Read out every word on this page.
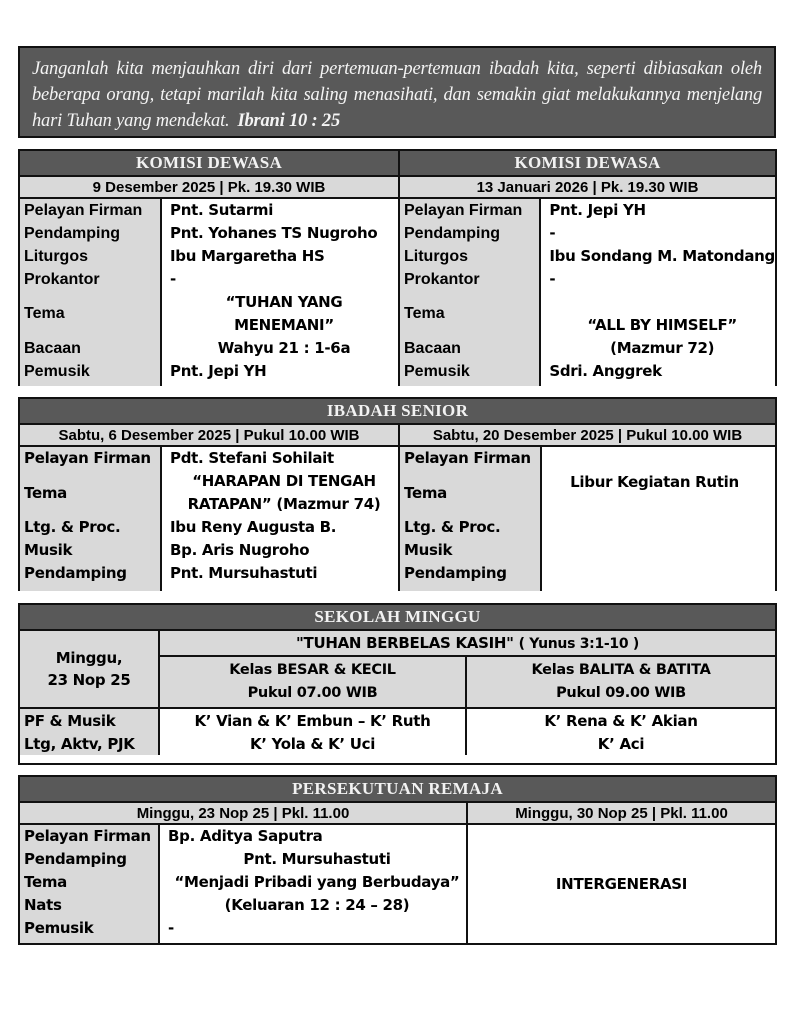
Janganlah kita menjauhkan diri dari pertemuan-pertemuan ibadah kita, seperti dibiasakan oleh beberapa orang, tetapi marilah kita saling menasihati, dan semakin giat melakukannya menjelang hari Tuhan yang mendekat. Ibrani 10 : 25
KOMISI DEWASA
9 Desember 2025 | Pk. 19.30 WIB
Pelayan Firman
Pendamping
Liturgos
Prokantor
Tema
Bacaan
Pemusik
Pnt. Sutarmi
Pnt. Yohanes TS Nugroho
Ibu Margaretha HS
-
“TUHAN YANG
MENEMANI”
Wahyu 21 : 1-6a
Pnt. Jepi YH
KOMISI DEWASA
13 Januari 2026 | Pk. 19.30 WIB
Pelayan Firman
Pendamping
Liturgos
Prokantor
Tema
Bacaan
Pemusik
Pnt. Jepi YH
-
Ibu Sondang M. Matondang
-
“ALL BY HIMSELF”
(Mazmur 72)
Sdri. Anggrek
IBADAH SENIOR
Sabtu, 6 Desember 2025 | Pukul 10.00 WIB
Pelayan Firman
Tema
Ltg. & Proc.
Musik
Pendamping
Pdt. Stefani Sohilait
“HARAPAN DI TENGAH
RATAPAN” (Mazmur 74)
Ibu Reny Augusta B.
Bp. Aris Nugroho
Pnt. Mursuhastuti
Sabtu, 20 Desember 2025 | Pukul 10.00 WIB
Pelayan Firman
Tema
Ltg. & Proc.
Musik
Pendamping
Libur Kegiatan Rutin
SEKOLAH MINGGU
Minggu,
23 Nop 25
"TUHAN BERBELAS KASIH" ( Yunus 3:1-10 )
Kelas BESAR & KECIL
Pukul 07.00 WIB
Kelas BALITA & BATITA
Pukul 09.00 WIB
PF & Musik
Ltg, Aktv, PJK
K’ Vian & K’ Embun – K’ Ruth
K’ Yola & K’ Uci
K’ Rena & K’ Akian
K’ Aci
PERSEKUTUAN REMAJA
Minggu, 23 Nop 25 | Pkl. 11.00
Pelayan Firman
Pendamping
Tema
Nats
Pemusik
Bp. Aditya Saputra
Pnt. Mursuhastuti
“Menjadi Pribadi yang Berbudaya”
(Keluaran 12 : 24 – 28)
-
Minggu, 30 Nop 25 | Pkl. 11.00
INTERGENERASI
